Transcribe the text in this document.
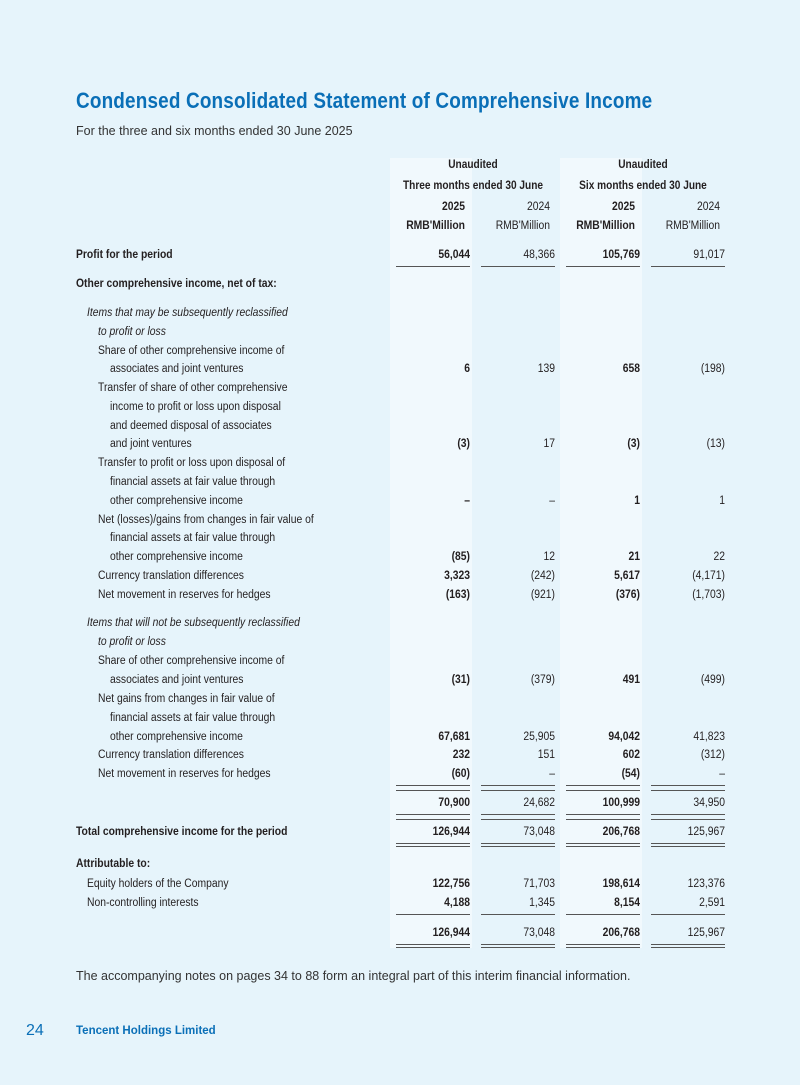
Condensed Consolidated Statement of Comprehensive Income
For the three and six months ended 30 June 2025
Unaudited
Three months ended 30 June
Unaudited
Six months ended 30 June
2025	2024	2025	2024
RMB'Million	RMB'Million	RMB'Million	RMB'Million
Profit for the period	56,044	48,366	105,769	91,017
Other comprehensive income, net of tax:
Items that may be subsequently reclassified
to profit or loss
Share of other comprehensive income of
associates and joint ventures	6	139	658	(198)
Transfer of share of other comprehensive
income to profit or loss upon disposal
and deemed disposal of associates
and joint ventures	(3)	17	(3)	(13)
Transfer to profit or loss upon disposal of
financial assets at fair value through
other comprehensive income	–	–	1	1
Net (losses)/gains from changes in fair value of
financial assets at fair value through
other comprehensive income	(85)	12	21	22
Currency translation differences	3,323	(242)	5,617	(4,171)
Net movement in reserves for hedges	(163)	(921)	(376)	(1,703)
Items that will not be subsequently reclassified
to profit or loss
Share of other comprehensive income of
associates and joint ventures	(31)	(379)	491	(499)
Net gains from changes in fair value of
financial assets at fair value through
other comprehensive income	67,681	25,905	94,042	41,823
Currency translation differences	232	151	602	(312)
Net movement in reserves for hedges	(60)	–	(54)	–
70,900	24,682	100,999	34,950
Total comprehensive income for the period	126,944	73,048	206,768	125,967
Attributable to:
Equity holders of the Company	122,756	71,703	198,614	123,376
Non-controlling interests	4,188	1,345	8,154	2,591
126,944	73,048	206,768	125,967
The accompanying notes on pages 34 to 88 form an integral part of this interim financial information.
24	Tencent Holdings Limited
